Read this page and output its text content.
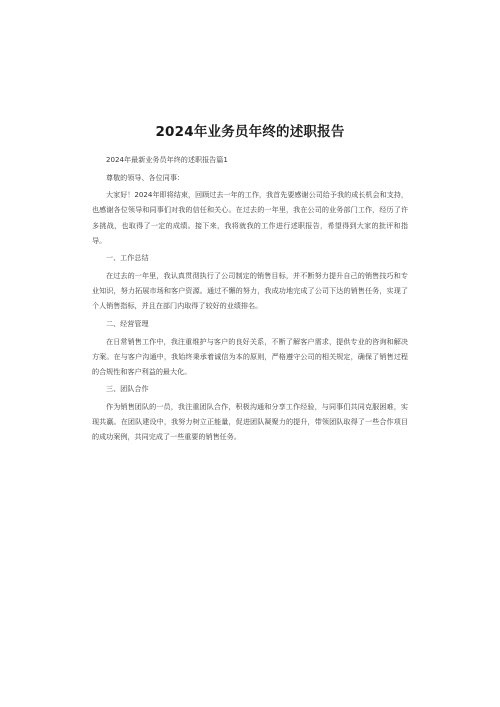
2024年业务员年终的述职报告

2024年最新业务员年终的述职报告篇1

尊敬的领导、各位同事：

大家好！2024年即将结束，回顾过去一年的工作，我首先要感谢公司给予我的成长机会和支持，也感谢各位领导和同事们对我的信任和关心。在过去的一年里，我在公司的业务部门工作，经历了许多挑战，也取得了一定的成绩。接下来，我将就我的工作进行述职报告，希望得到大家的批评和指导。

一、工作总结

在过去的一年里，我认真贯彻执行了公司制定的销售目标，并不断努力提升自己的销售技巧和专业知识，努力拓展市场和客户资源。通过不懈的努力，我成功地完成了公司下达的销售任务，实现了个人销售指标，并且在部门内取得了较好的业绩排名。

二、经营管理

在日常销售工作中，我注重维护与客户的良好关系，不断了解客户需求，提供专业的咨询和解决方案。在与客户沟通中，我始终秉承着诚信为本的原则，严格遵守公司的相关规定，确保了销售过程的合规性和客户利益的最大化。

三、团队合作

作为销售团队的一员，我注重团队合作，积极沟通和分享工作经验，与同事们共同克服困难，实现共赢。在团队建设中，我努力树立正能量，促进团队凝聚力的提升，带领团队取得了一些合作项目的成功案例，共同完成了一些重要的销售任务。
